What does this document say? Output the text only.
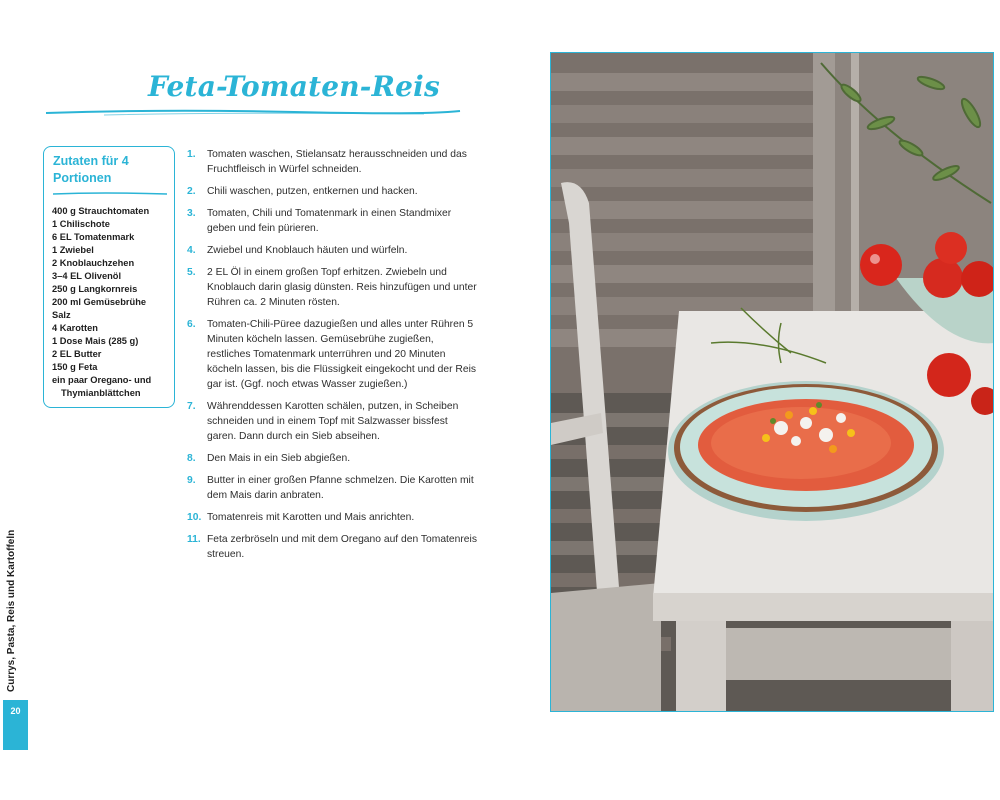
Feta-Tomaten-Reis
Zutaten für 4 Portionen
400 g Strauchtomaten
1 Chilischote
6 EL Tomatenmark
1 Zwiebel
2 Knoblauchzehen
3–4 EL Olivenöl
250 g Langkornreis
200 ml Gemüsebrühe
Salz
4 Karotten
1 Dose Mais (285 g)
2 EL Butter
150 g Feta
ein paar Oregano- und
Thymianblättchen
1. Tomaten waschen, Stielansatz herausschneiden und das Fruchtfleisch in Würfel schneiden.
2. Chili waschen, putzen, entkernen und hacken.
3. Tomaten, Chili und Tomatenmark in einen Standmixer geben und fein pürieren.
4. Zwiebel und Knoblauch häuten und würfeln.
5. 2 EL Öl in einem großen Topf erhitzen. Zwiebeln und Knoblauch darin glasig dünsten. Reis hinzufügen und unter Rühren ca. 2 Minuten rösten.
6. Tomaten-Chili-Püree dazugießen und alles unter Rühren 5 Minuten köcheln lassen. Gemüsebrühe zugießen, restliches Tomatenmark unterrühren und 20 Minuten köcheln lassen, bis die Flüssigkeit eingekocht und der Reis gar ist. (Ggf. noch etwas Wasser zugießen.)
7. Währenddessen Karotten schälen, putzen, in Scheiben schneiden und in einem Topf mit Salzwasser bissfest garen. Dann durch ein Sieb abseihen.
8. Den Mais in ein Sieb abgießen.
9. Butter in einer großen Pfanne schmelzen. Die Karotten mit dem Mais darin anbraten.
10. Tomatenreis mit Karotten und Mais anrichten.
11. Feta zerbröseln und mit dem Oregano auf den Tomatenreis streuen.
Currys, Pasta, Reis und Kartoffeln
20
